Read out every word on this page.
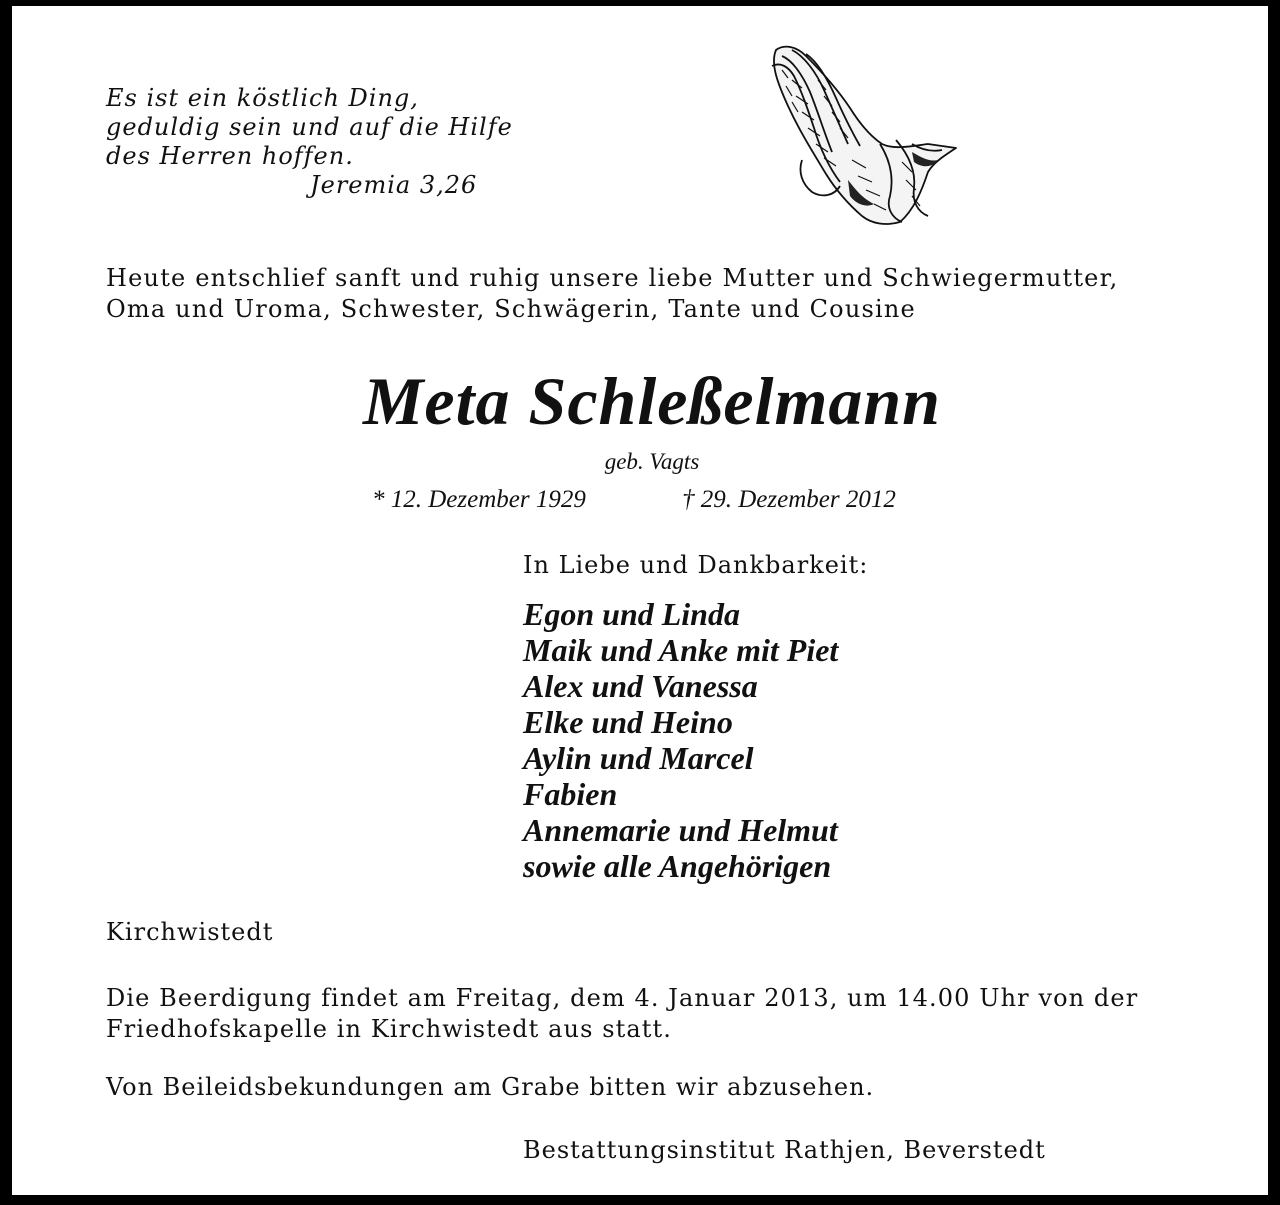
Es ist ein köstlich Ding,
geduldig sein und auf die Hilfe
des Herren hoffen.
Jeremia 3,26
Heute entschlief sanft und ruhig unsere liebe Mutter und Schwiegermutter,
Oma und Uroma, Schwester, Schwägerin, Tante und Cousine
Meta Schleßelmann
geb. Vagts
* 12. Dezember 1929	† 29. Dezember 2012
In Liebe und Dankbarkeit:
Egon und Linda
Maik und Anke mit Piet
Alex und Vanessa
Elke und Heino
Aylin und Marcel
Fabien
Annemarie und Helmut
sowie alle Angehörigen
Kirchwistedt
Die Beerdigung findet am Freitag, dem 4. Januar 2013, um 14.00 Uhr von der
Friedhofskapelle in Kirchwistedt aus statt.
Von Beileidsbekundungen am Grabe bitten wir abzusehen.
Bestattungsinstitut Rathjen, Beverstedt
